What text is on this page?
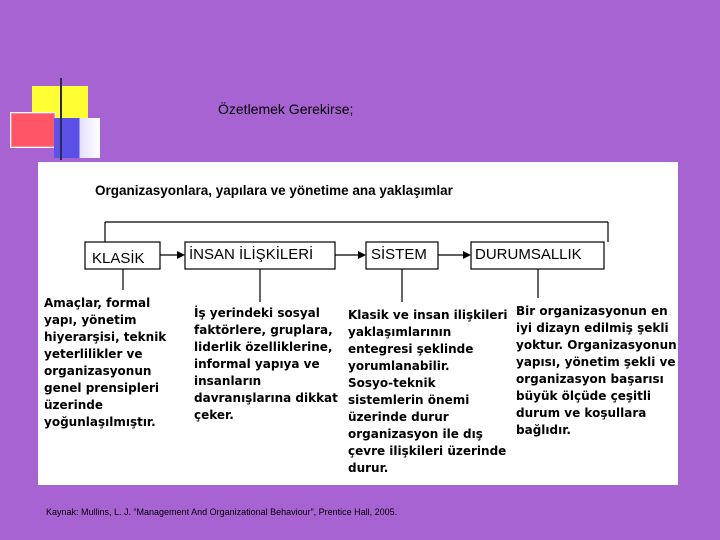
Özetlemek Gerekirse;
KLASİK	İNSAN İLİŞKİLERİ	SİSTEM	DURUMSALLIK
Organizasyonlara, yapılara ve yönetime ana yaklaşımlar
Amaçlar, formal
yapı, yönetim
hiyerarşisi, teknik
yeterlilikler ve
organizasyonun
genel prensipleri
üzerinde
yoğunlaşılmıştır.
İş yerindeki sosyal
faktörlere, gruplara,
liderlik özelliklerine,
informal yapıya ve
insanların
davranışlarına dikkat
çeker.
Klasik ve insan ilişkileri
yaklaşımlarının
entegresi şeklinde
yorumlanabilir.
Sosyo-teknik
sistemlerin önemi
üzerinde durur
organizasyon ile dış
çevre ilişkileri üzerinde
durur.
Bir organizasyonun en
iyi dizayn edilmiş şekli
yoktur. Organizasyonun
yapısı, yönetim şekli ve
organizasyon başarısı
büyük ölçüde çeşitli
durum ve koşullara
bağlıdır.
Kaynak: Mullins, L. J. “Management And Organizational Behaviour”, Prentice Hall, 2005.
